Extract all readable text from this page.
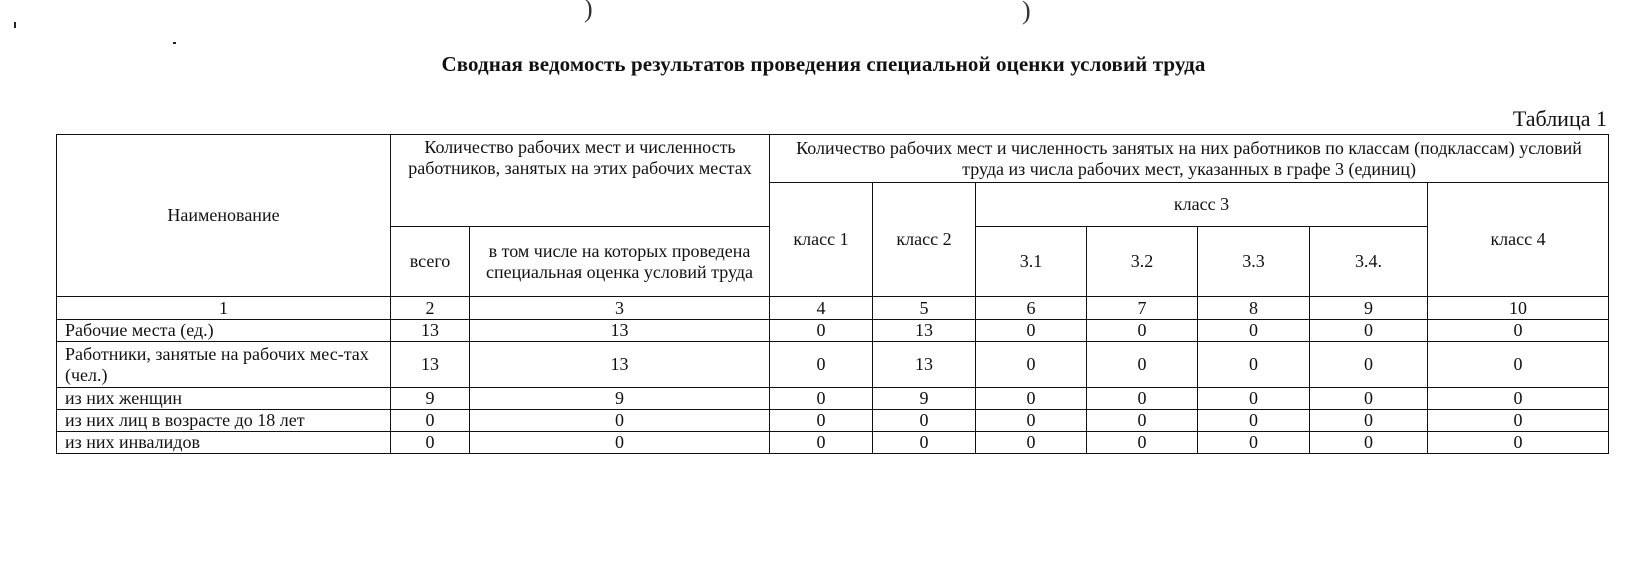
)	)
Сводная ведомость результатов проведения специальной оценки условий труда
Таблица 1
Наименование	Количество рабочих мест и численность работников, занятых на этих рабочих местах		Количество рабочих мест и численность занятых на них работников по классам (подклассам) условий труда из числа рабочих мест, указанных в графе 3 (единиц)						
			класс 1	класс 2	класс 3				класс 4
	всего	в том числе на которых проведена специальная оценка условий труда			3.1	3.2	3.3	3.4.	
1	2	3	4	5	6	7	8	9	10
Рабочие места (ед.)	13	13	0	13	0	0	0	0	0
Работники, занятые на рабочих мес-тах (чел.)	13	13	0	13	0	0	0	0	0
из них женщин	9	9	0	9	0	0	0	0	0
из них лиц в возрасте до 18 лет	0	0	0	0	0	0	0	0	0
из них инвалидов	0	0	0	0	0	0	0	0	0
